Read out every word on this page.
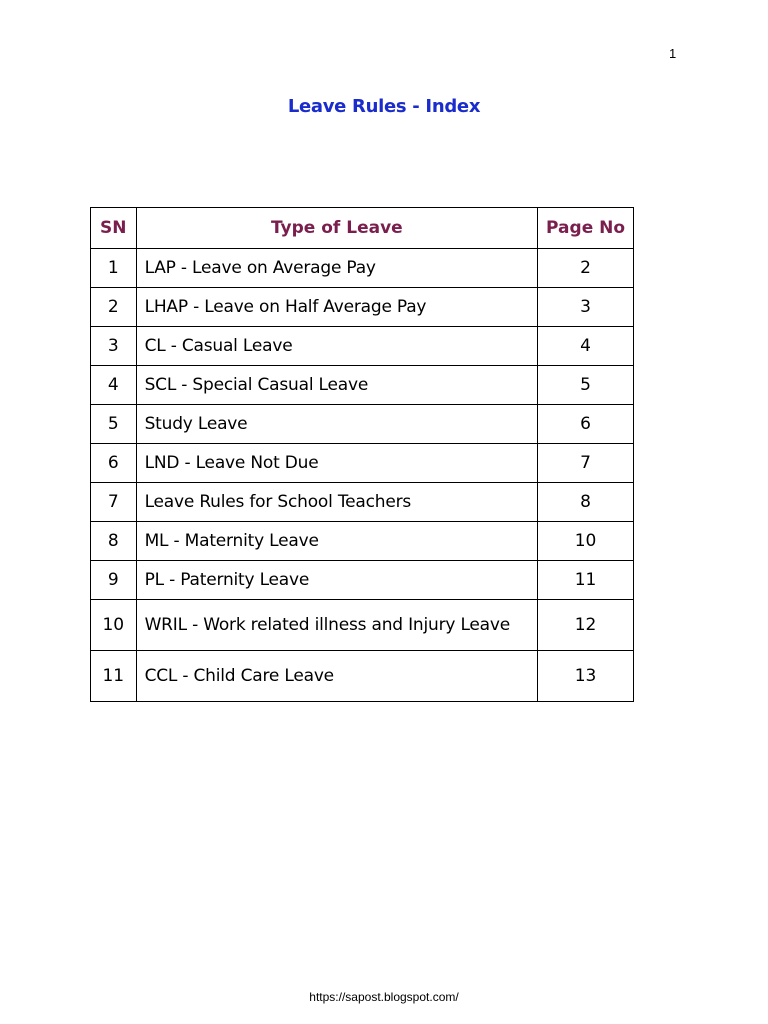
1
Leave Rules - Index
SN	Type of Leave	Page No
1	LAP - Leave on Average Pay	2
2	LHAP - Leave on Half Average Pay	3
3	CL - Casual Leave	4
4	SCL - Special Casual Leave	5
5	Study Leave	6
6	LND - Leave Not Due	7
7	Leave Rules for School Teachers	8
8	ML - Maternity Leave	10
9	PL - Paternity Leave	11
10	WRIL - Work related illness and Injury Leave	12
11	CCL - Child Care Leave	13
https://sapost.blogspot.com/
